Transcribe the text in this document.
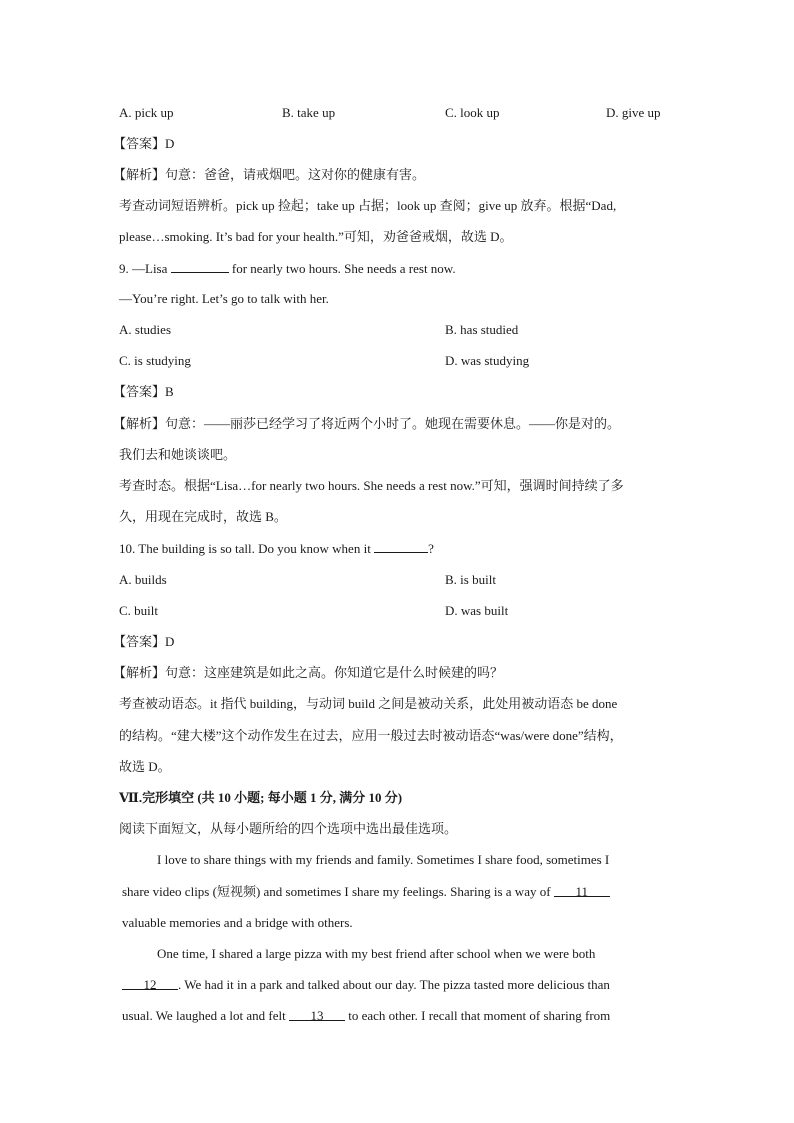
A. pick up	B. take up	C. look up	D. give up
【答案】D
【解析】句意：爸爸，请戒烟吧。这对你的健康有害。
考查动词短语辨析。pick up 捡起；take up 占据；look up 查阅；give up 放弃。根据“Dad,
please…smoking. It’s bad for your health.”可知，劝爸爸戒烟，故选 D。
9. —Lisa	for nearly two hours. She needs a rest now.
—You’re right. Let’s go to talk with her.
A. studies	B. has studied
C. is studying	D. was studying
【答案】B
【解析】句意：——丽莎已经学习了将近两个小时了。她现在需要休息。——你是对的。
我们去和她谈谈吧。
考查时态。根据“Lisa…for nearly two hours. She needs a rest now.”可知，强调时间持续了多
久，用现在完成时，故选 B。
10. The building is so tall. Do you know when it	?
A. builds	B. is built
C. built	D. was built
【答案】D
【解析】句意：这座建筑是如此之高。你知道它是什么时候建的吗？
考查被动语态。it 指代 building，与动词 build 之间是被动关系，此处用被动语态 be done
的结构。“建大楼”这个动作发生在过去，应用一般过去时被动语态“was/were done”结构，
故选 D。
Ⅶ.完形填空 (共 10 小题; 每小题 1 分, 满分 10 分)
阅读下面短文，从每小题所给的四个选项中选出最佳选项。
I love to share things with my friends and family. Sometimes I share food, sometimes I
share video clips (短视频) and sometimes I share my feelings. Sharing is a way of 11
valuable memories and a bridge with others.
One time, I shared a large pizza with my best friend after school when we were both
12 . We had it in a park and talked about our day. The pizza tasted more delicious than
usual. We laughed a lot and felt 13 to each other. I recall that moment of sharing from
